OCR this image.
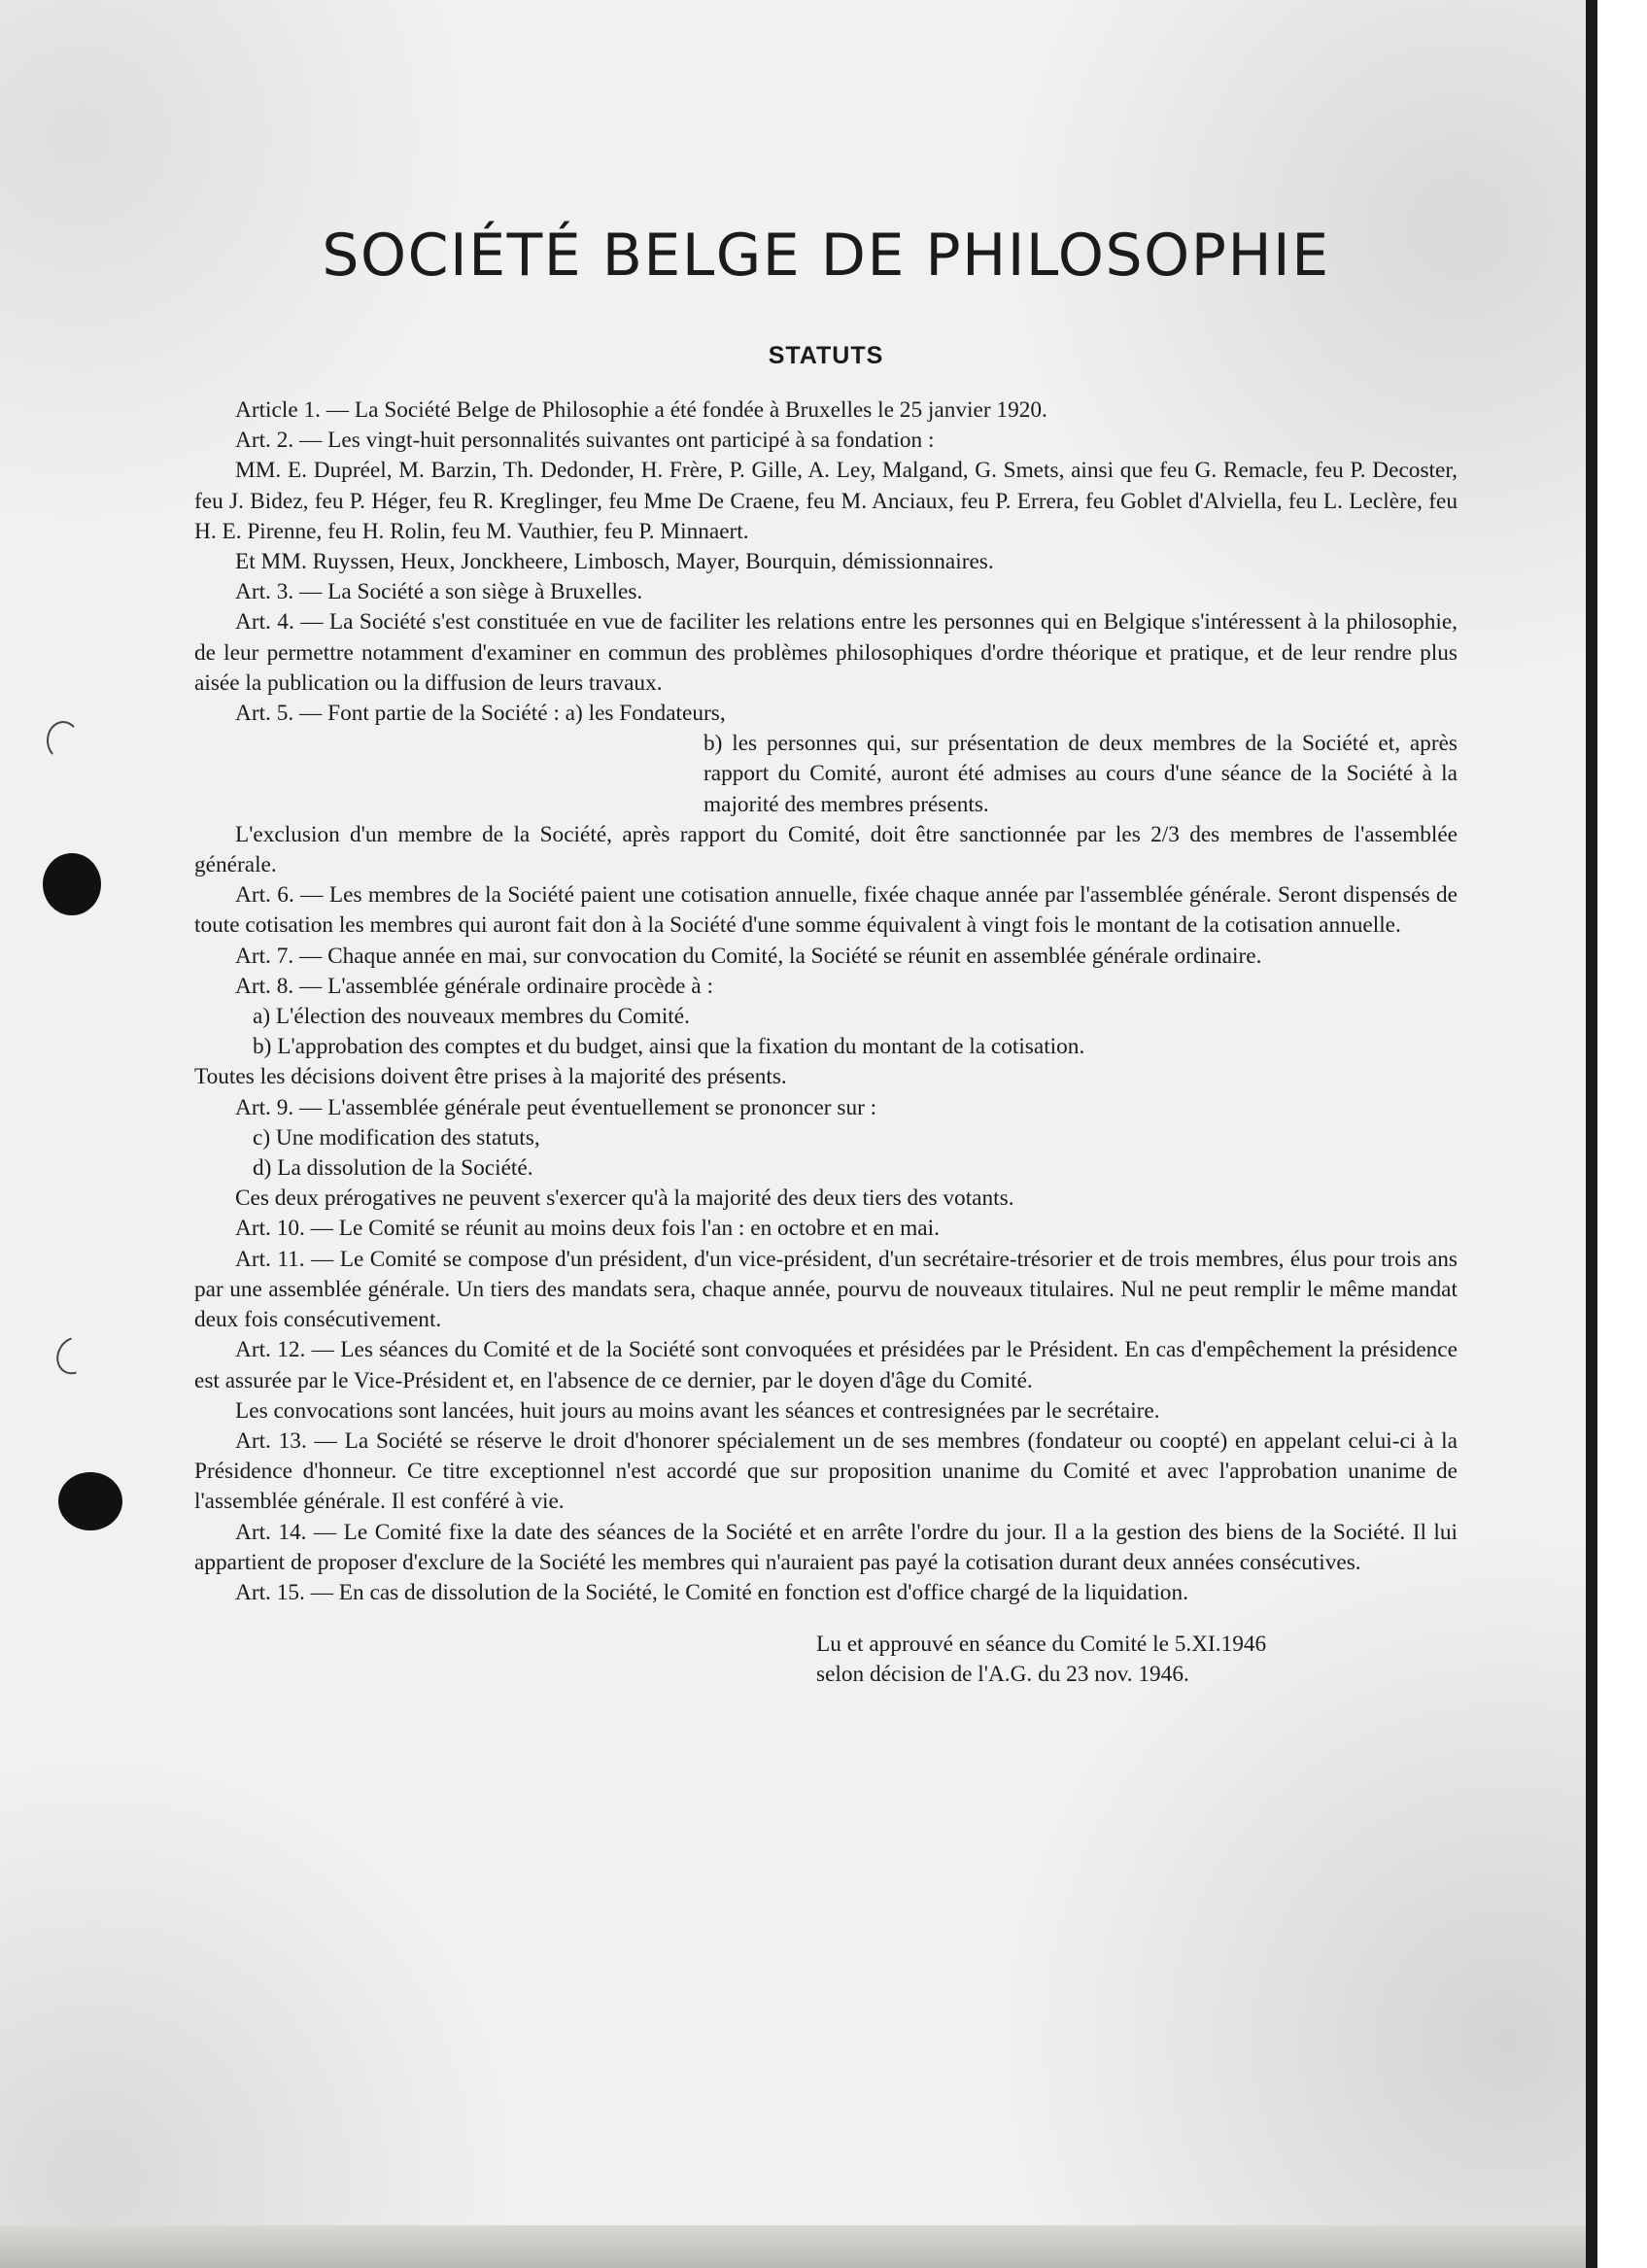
SOCIÉTÉ BELGE DE PHILOSOPHIE
STATUTS

Article 1. — La Société Belge de Philosophie a été fondée à Bruxelles le 25 janvier 1920.

Art. 2. — Les vingt-huit personnalités suivantes ont participé à sa fondation :

MM. E. Dupréel, M. Barzin, Th. Dedonder, H. Frère, P. Gille, A. Ley, Malgand, G. Smets, ainsi que feu G. Remacle, feu P. Decoster, feu J. Bidez, feu P. Héger, feu R. Kreglinger, feu Mme De Craene, feu M. Anciaux, feu P. Errera, feu Goblet d'Alviella, feu L. Leclère, feu H. E. Pirenne, feu H. Rolin, feu M. Vauthier, feu P. Minnaert.

Et MM. Ruyssen, Heux, Jonckheere, Limbosch, Mayer, Bourquin, démissionnaires.

Art. 3. — La Société a son siège à Bruxelles.

Art. 4. — La Société s'est constituée en vue de faciliter les relations entre les personnes qui en Belgique s'intéressent à la philosophie, de leur permettre notamment d'examiner en commun des problèmes philosophiques d'ordre théorique et pratique, et de leur rendre plus aisée la publication ou la diffusion de leurs travaux.

Art. 5. — Font partie de la Société : a) les Fondateurs,

b) les personnes qui, sur présentation de deux membres de la Société et, après rapport du Comité, auront été admises au cours d'une séance de la Société à la majorité des membres présents.

L'exclusion d'un membre de la Société, après rapport du Comité, doit être sanctionnée par les 2/3 des membres de l'assemblée générale.

Art. 6. — Les membres de la Société paient une cotisation annuelle, fixée chaque année par l'assemblée générale. Seront dispensés de toute cotisation les membres qui auront fait don à la Société d'une somme équivalent à vingt fois le montant de la cotisation annuelle.

Art. 7. — Chaque année en mai, sur convocation du Comité, la Société se réunit en assemblée générale ordinaire.

Art. 8. — L'assemblée générale ordinaire procède à :

a) L'élection des nouveaux membres du Comité.

b) L'approbation des comptes et du budget, ainsi que la fixation du montant de la cotisation.

Toutes les décisions doivent être prises à la majorité des présents.

Art. 9. — L'assemblée générale peut éventuellement se prononcer sur :

c) Une modification des statuts,

d) La dissolution de la Société.

Ces deux prérogatives ne peuvent s'exercer qu'à la majorité des deux tiers des votants.

Art. 10. — Le Comité se réunit au moins deux fois l'an : en octobre et en mai.

Art. 11. — Le Comité se compose d'un président, d'un vice-président, d'un secrétaire-trésorier et de trois membres, élus pour trois ans par une assemblée générale. Un tiers des mandats sera, chaque année, pourvu de nouveaux titulaires. Nul ne peut remplir le même mandat deux fois consécutivement.

Art. 12. — Les séances du Comité et de la Société sont convoquées et présidées par le Président. En cas d'empêchement la présidence est assurée par le Vice-Président et, en l'absence de ce dernier, par le doyen d'âge du Comité.

Les convocations sont lancées, huit jours au moins avant les séances et contresignées par le secrétaire.

Art. 13. — La Société se réserve le droit d'honorer spécialement un de ses membres (fondateur ou coopté) en appelant celui-ci à la Présidence d'honneur. Ce titre exceptionnel n'est accordé que sur proposition unanime du Comité et avec l'approbation unanime de l'assemblée générale. Il est conféré à vie.

Art. 14. — Le Comité fixe la date des séances de la Société et en arrête l'ordre du jour. Il a la gestion des biens de la Société. Il lui appartient de proposer d'exclure de la Société les membres qui n'auraient pas payé la cotisation durant deux années consécutives.

Art. 15. — En cas de dissolution de la Société, le Comité en fonction est d'office chargé de la liquidation.

Lu et approuvé en séance du Comité le 5.XI.1946

selon décision de l'A.G. du 23 nov. 1946.
